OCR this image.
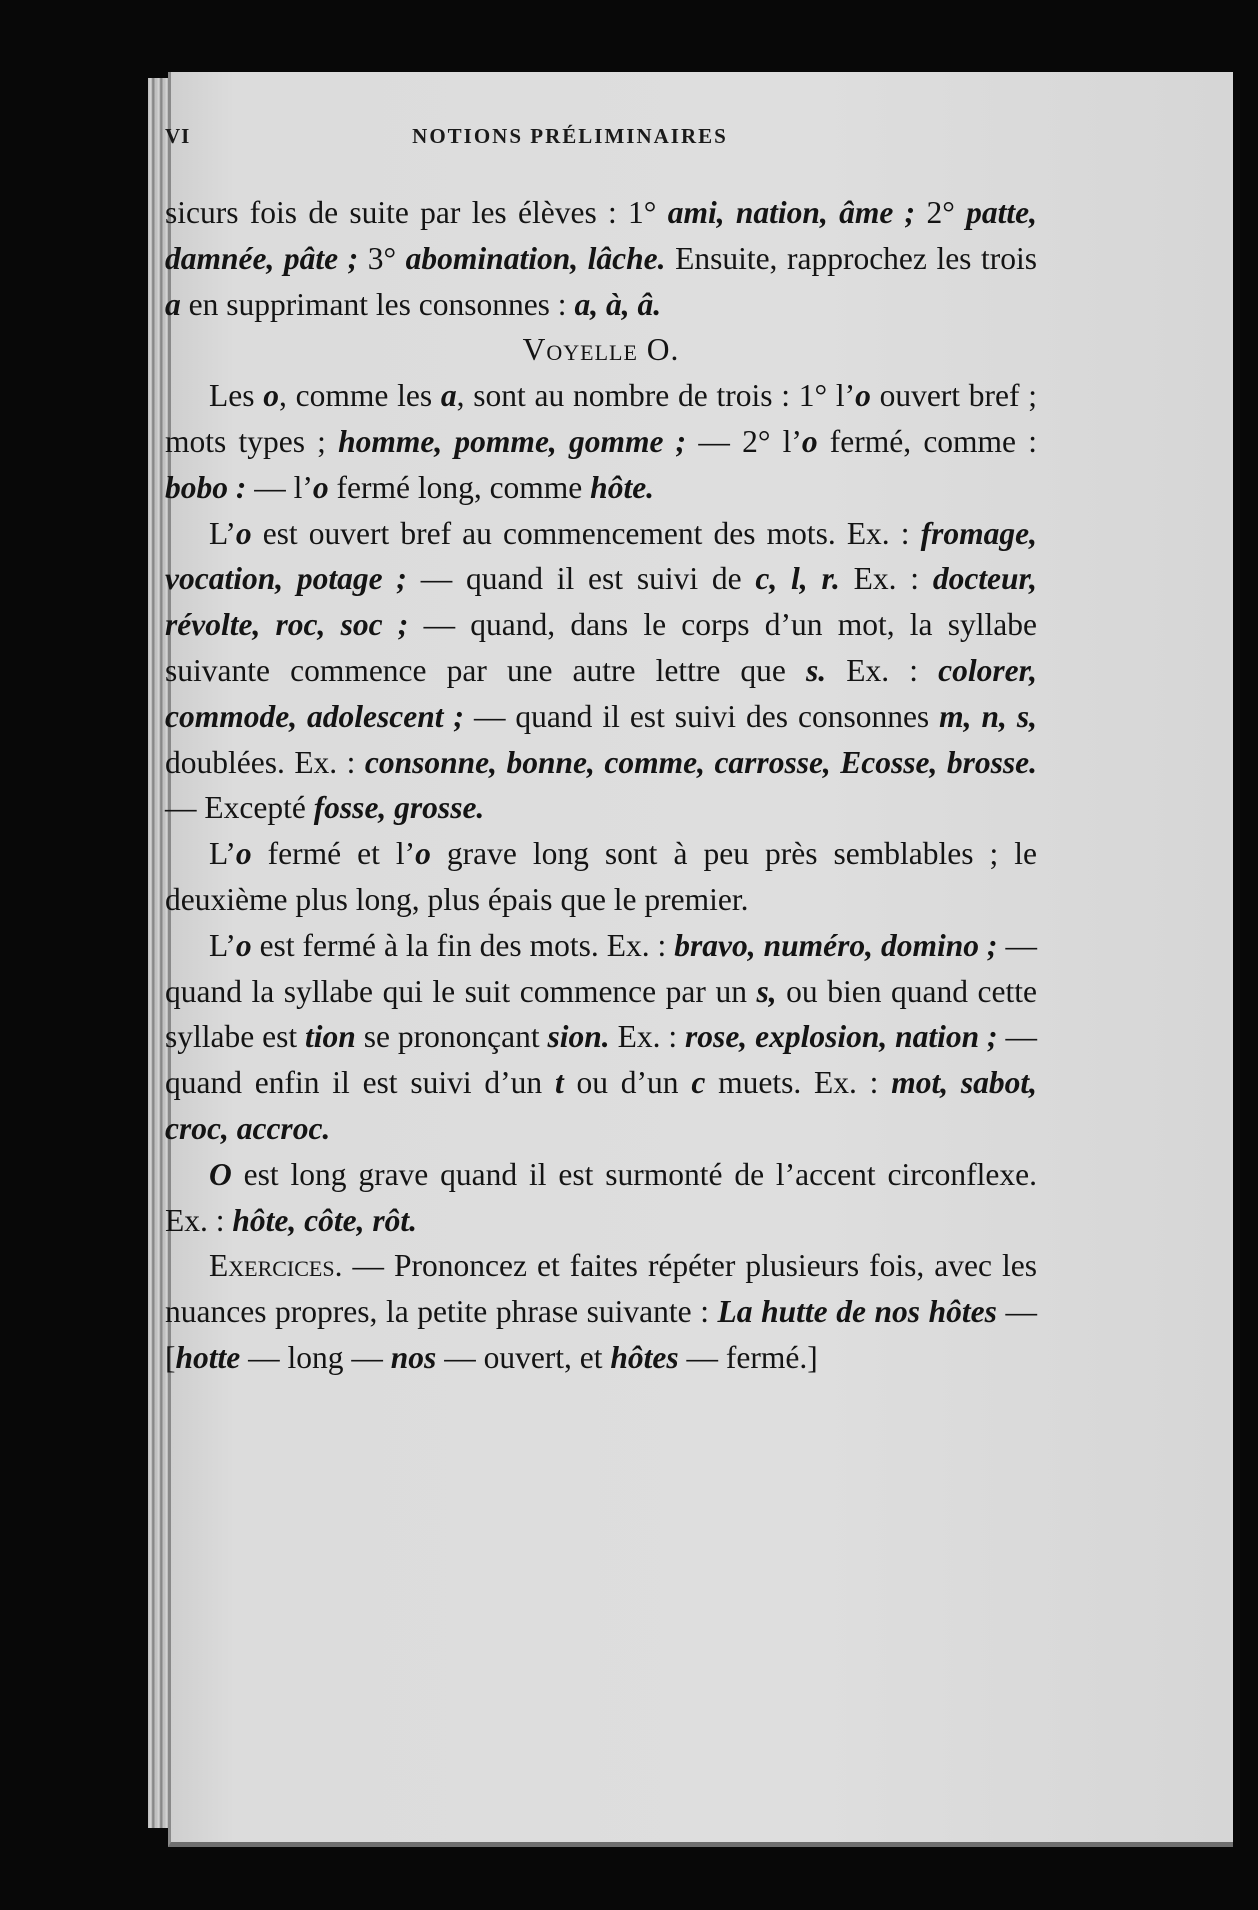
VI	NOTIONS PRÉLIMINAIRES

sicurs fois de suite par les élèves : 1° ami, nation, âme ; 2° patte, damnée, pâte ; 3° abomination, lâche. Ensuite, rapprochez les trois a en supprimant les consonnes : a, à, â.

Voyelle O.

Les o, comme les a, sont au nombre de trois : 1° l’o ouvert bref ; mots types ; homme, pomme, gomme ; — 2° l’o fermé, comme : bobo : — l’o fermé long, comme hôte.

L’o est ouvert bref au commencement des mots. Ex. : fromage, vocation, potage ; — quand il est suivi de c, l, r. Ex. : docteur, révolte, roc, soc ; — quand, dans le corps d’un mot, la syllabe suivante commence par une autre lettre que s. Ex. : colorer, commode, adolescent ; — quand il est suivi des consonnes m, n, s, doublées. Ex. : consonne, bonne, comme, carrosse, Ecosse, brosse. — Excepté fosse, grosse.

L’o fermé et l’o grave long sont à peu près semblables ; le deuxième plus long, plus épais que le premier.

L’o est fermé à la fin des mots. Ex. : bravo, numéro, domino ; — quand la syllabe qui le suit commence par un s, ou bien quand cette syllabe est tion se prononçant sion. Ex. : rose, explosion, nation ; — quand enfin il est suivi d’un t ou d’un c muets. Ex. : mot, sabot, croc, accroc.

O est long grave quand il est surmonté de l’accent circonflexe. Ex. : hôte, côte, rôt.

Exercices. — Prononcez et faites répéter plusieurs fois, avec les nuances propres, la petite phrase suivante : La hutte de nos hôtes — [hotte — long — nos — ouvert, et hôtes — fermé.]
